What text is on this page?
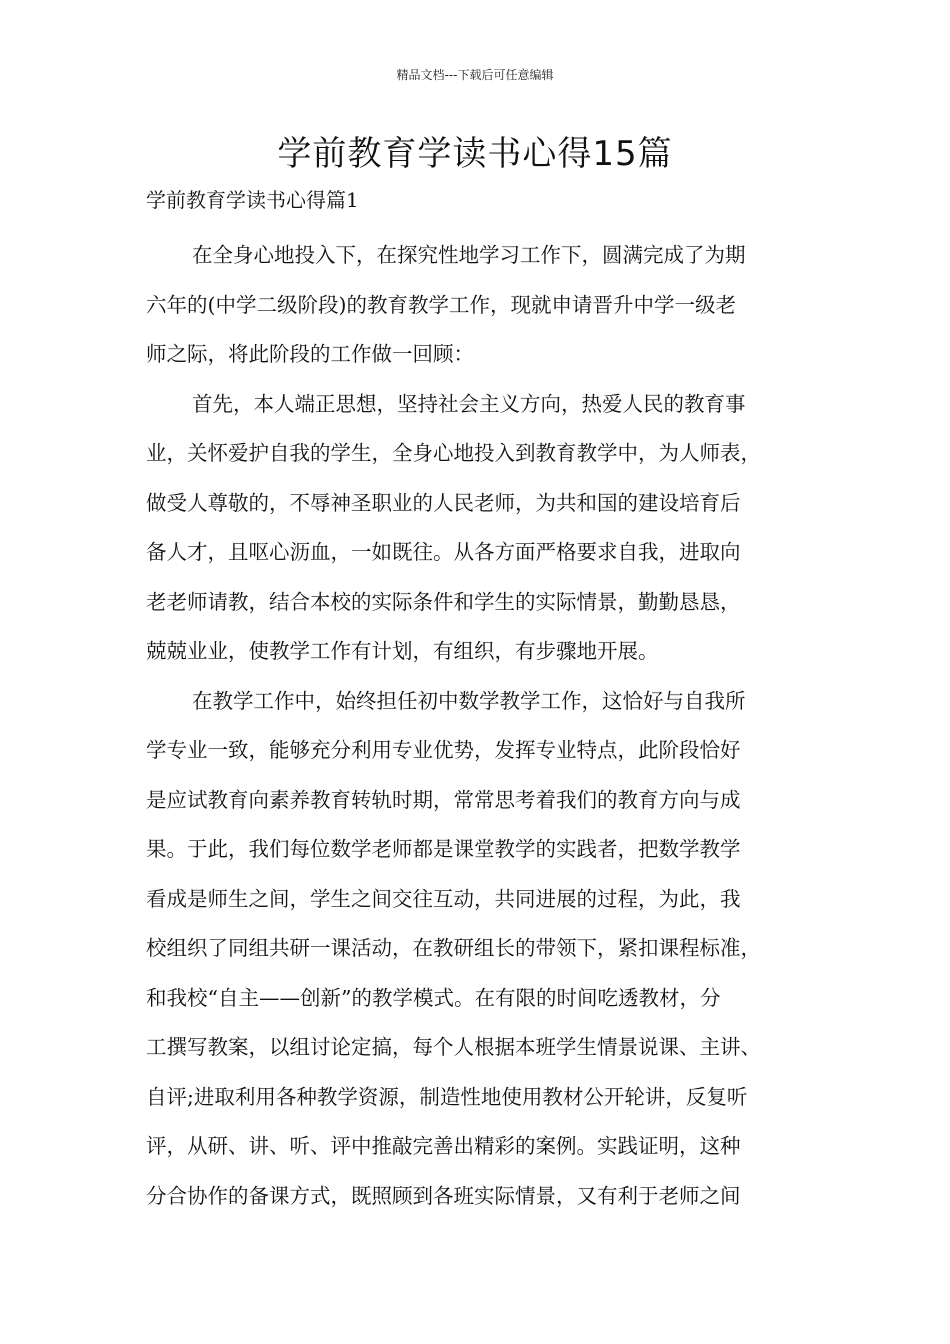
精品文档---下载后可任意编辑
学前教育学读书心得15篇

学前教育学读书心得篇1

在全身心地投入下，在探究性地学习工作下，圆满完成了为期
六年的(中学二级阶段)的教育教学工作，现就申请晋升中学一级老
师之际，将此阶段的工作做一回顾：

首先，本人端正思想，坚持社会主义方向，热爱人民的教育事
业，关怀爱护自我的学生，全身心地投入到教育教学中，为人师表，
做受人尊敬的，不辱神圣职业的人民老师，为共和国的建设培育后
备人才，且呕心沥血，一如既往。从各方面严格要求自我，进取向
老老师请教，结合本校的实际条件和学生的实际情景，勤勤恳恳，
兢兢业业，使教学工作有计划，有组织，有步骤地开展。

在教学工作中，始终担任初中数学教学工作，这恰好与自我所
学专业一致，能够充分利用专业优势，发挥专业特点，此阶段恰好
是应试教育向素养教育转轨时期，常常思考着我们的教育方向与成
果。于此，我们每位数学老师都是课堂教学的实践者，把数学教学
看成是师生之间，学生之间交往互动，共同进展的过程，为此，我
校组织了同组共研一课活动，在教研组长的带领下，紧扣课程标准，
和我校“自主——创新”的教学模式。在有限的时间吃透教材，分
工撰写教案，以组讨论定搞，每个人根据本班学生情景说课、主讲、
自评;进取利用各种教学资源，制造性地使用教材公开轮讲，反复听
评，从研、讲、听、评中推敲完善出精彩的案例。实践证明，这种
分合协作的备课方式，既照顾到各班实际情景，又有利于老师之间
